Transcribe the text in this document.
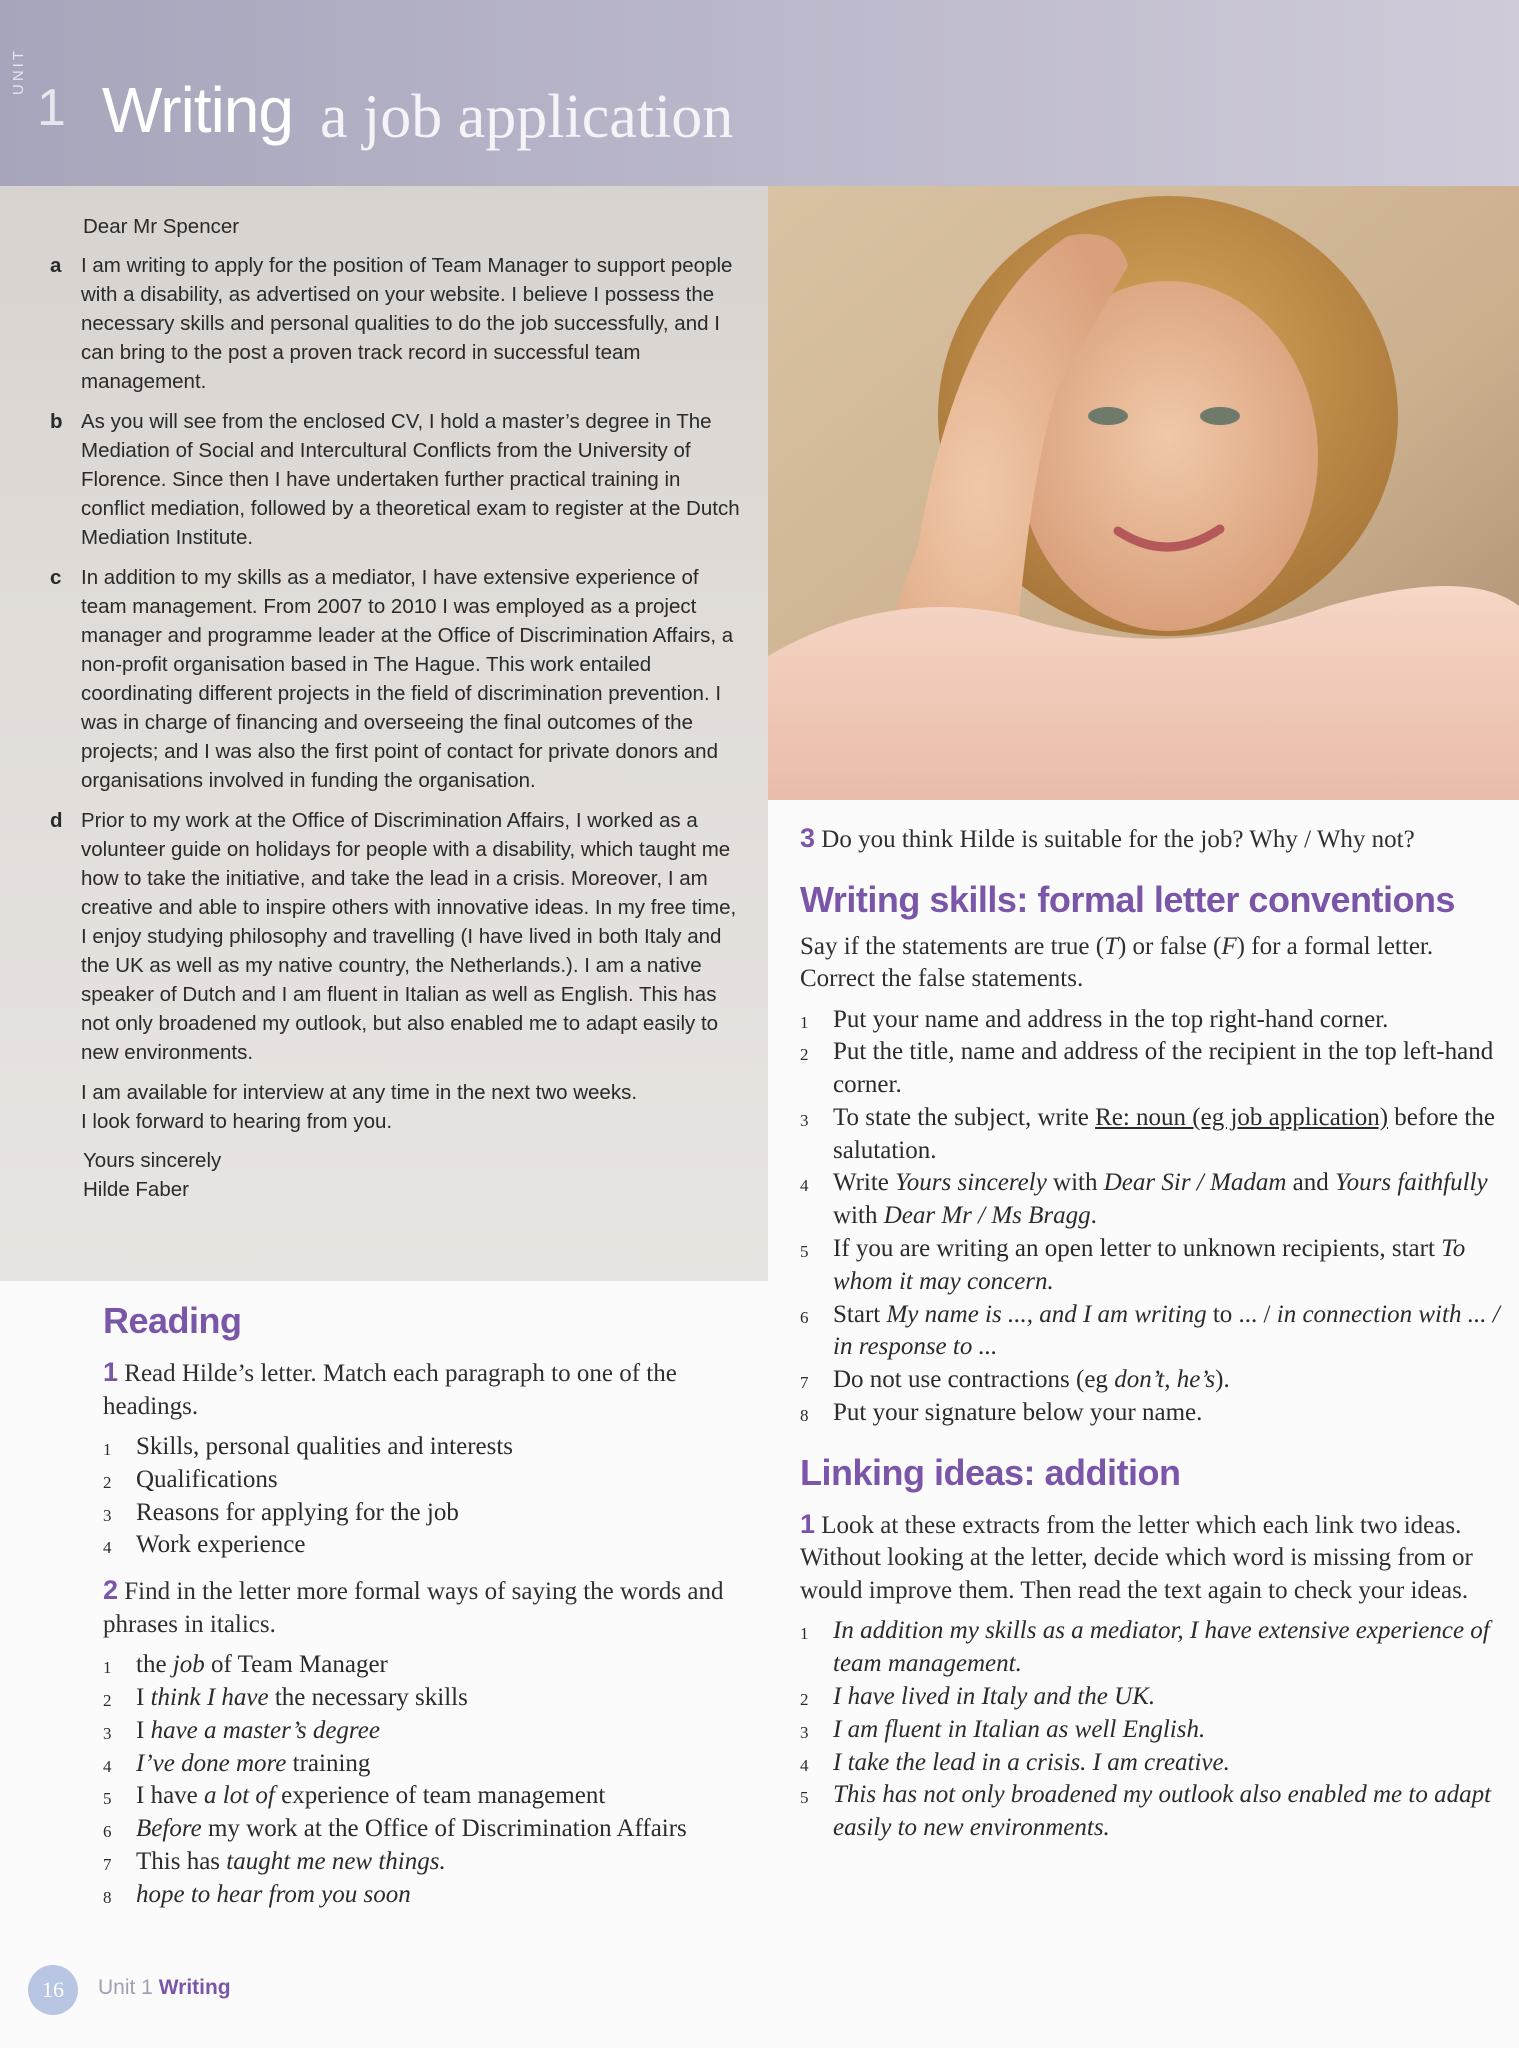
UNIT
1 Writing a job application
Dear Mr Spencer
a I am writing to apply for the position of Team Manager to support people with a disability, as advertised on your website. I believe I possess the necessary skills and personal qualities to do the job successfully, and I can bring to the post a proven track record in successful team management.
b As you will see from the enclosed CV, I hold a master’s degree in The Mediation of Social and Intercultural Conflicts from the University of Florence. Since then I have undertaken further practical training in conflict mediation, followed by a theoretical exam to register at the Dutch Mediation Institute.
c In addition to my skills as a mediator, I have extensive experience of team management. From 2007 to 2010 I was employed as a project manager and programme leader at the Office of Discrimination Affairs, a non-profit organisation based in The Hague. This work entailed coordinating different projects in the field of discrimination prevention. I was in charge of financing and overseeing the final outcomes of the projects; and I was also the first point of contact for private donors and organisations involved in funding the organisation.
d Prior to my work at the Office of Discrimination Affairs, I worked as a volunteer guide on holidays for people with a disability, which taught me how to take the initiative, and take the lead in a crisis. Moreover, I am creative and able to inspire others with innovative ideas. In my free time, I enjoy studying philosophy and travelling (I have lived in both Italy and the UK as well as my native country, the Netherlands.). I am a native speaker of Dutch and I am fluent in Italian as well as English. This has not only broadened my outlook, but also enabled me to adapt easily to new environments.
I am available for interview at any time in the next two weeks.
I look forward to hearing from you.
Yours sincerely
Hilde Faber
Reading
1 Read Hilde’s letter. Match each paragraph to one of the headings.
1 Skills, personal qualities and interests
2 Qualifications
3 Reasons for applying for the job
4 Work experience
2 Find in the letter more formal ways of saying the words and phrases in italics.
1 the job of Team Manager
2 I think I have the necessary skills
3 I have a master’s degree
4 I’ve done more training
5 I have a lot of experience of team management
6 Before my work at the Office of Discrimination Affairs
7 This has taught me new things.
8 hope to hear from you soon
3 Do you think Hilde is suitable for the job? Why / Why not?
Writing skills: formal letter conventions
Say if the statements are true (T) or false (F) for a formal letter. Correct the false statements.
1 Put your name and address in the top right-hand corner.
2 Put the title, name and address of the recipient in the top left-hand corner.
3 To state the subject, write Re: noun (eg job application) before the salutation.
4 Write Yours sincerely with Dear Sir / Madam and Yours faithfully with Dear Mr / Ms Bragg.
5 If you are writing an open letter to unknown recipients, start To whom it may concern.
6 Start My name is ..., and I am writing to ... / in connection with ... / in response to ...
7 Do not use contractions (eg don’t, he’s).
8 Put your signature below your name.
Linking ideas: addition
1 Look at these extracts from the letter which each link two ideas. Without looking at the letter, decide which word is missing from or would improve them. Then read the text again to check your ideas.
1 In addition my skills as a mediator, I have extensive experience of team management.
2 I have lived in Italy and the UK.
3 I am fluent in Italian as well English.
4 I take the lead in a crisis. I am creative.
5 This has not only broadened my outlook also enabled me to adapt easily to new environments.
16	Unit 1 Writing
